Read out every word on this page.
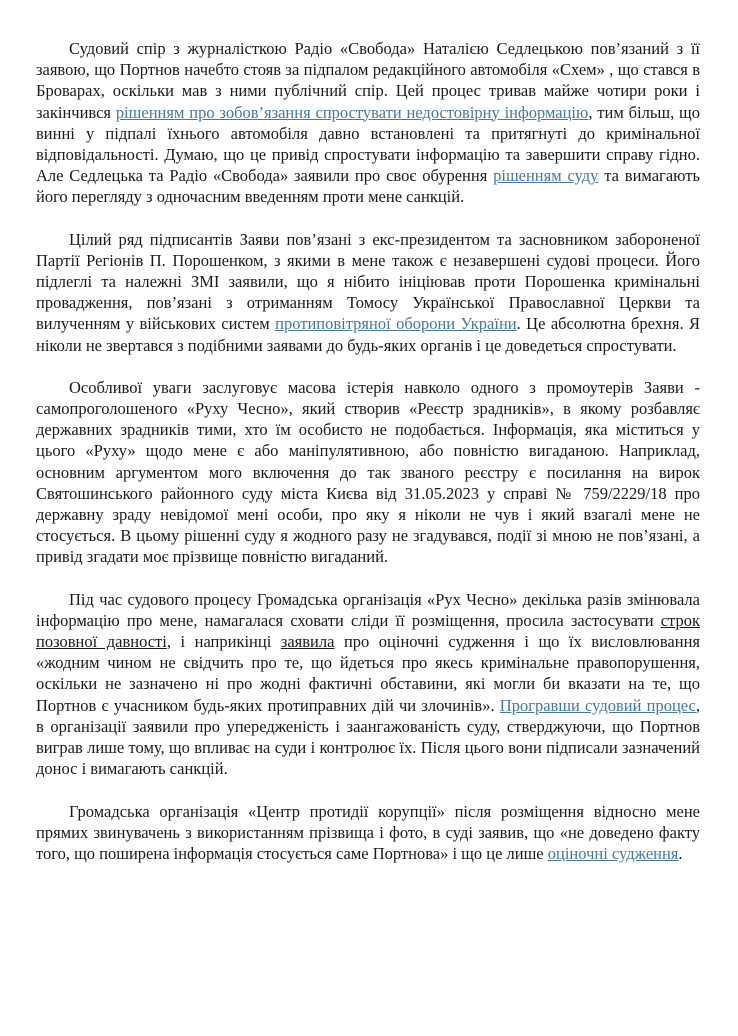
Судовий спір з журналісткою Радіо «Свобода» Наталією Седлецькою пов’язаний з її заявою, що Портнов начебто стояв за підпалом редакційного автомобіля «Схем» , що стався в Броварах, оскільки мав з ними публічний спір. Цей процес тривав майже чотири роки і закінчився рішенням про зобов’язання спростувати недостовірну інформацію, тим більш, що винні у підпалі їхнього автомобіля давно встановлені та притягнуті до кримінальної відповідальності. Думаю, що це привід спростувати інформацію та завершити справу гідно. Але Седлецька та Радіо «Свобода» заявили про своє обурення рішенням суду та вимагають його перегляду з одночасним введенням проти мене санкцій.

Цілий ряд підписантів Заяви пов’язані з екс-президентом та засновником забороненої Партії Регіонів П. Порошенком, з якими в мене також є незавершені судові процеси. Його підлеглі та належні ЗМІ заявили, що я нібито ініціював проти Порошенка кримінальні провадження, пов’язані з отриманням Томосу Української Православної Церкви та вилученням у військових систем протиповітряної оборони України. Це абсолютна брехня. Я ніколи не звертався з подібними заявами до будь-яких органів і це доведеться спростувати.

Особливої уваги заслуговує масова істерія навколо одного з промоутерів Заяви - самопроголошеного «Руху Чесно», який створив «Реєстр зрадників», в якому розбавляє державних зрадників тими, хто їм особисто не подобається. Інформація, яка міститься у цього «Руху» щодо мене є або маніпулятивною, або повністю вигаданою. Наприклад, основним аргументом мого включення до так званого реєстру є посилання на вирок Святошинського районного суду міста Києва від 31.05.2023 у справі № 759/2229/18 про державну зраду невідомої мені особи, про яку я ніколи не чув і який взагалі мене не стосується. В цьому рішенні суду я жодного разу не згадувався, події зі мною не пов’язані, а привід згадати моє прізвище повністю вигаданий.

Під час судового процесу Громадська організація «Рух Чесно» декілька разів змінювала інформацію про мене, намагалася сховати сліди її розміщення, просила застосувати строк позовної давності, і наприкінці заявила про оціночні судження і що їх висловлювання «жодним чином не свідчить про те, що йдеться про якесь кримінальне правопорушення, оскільки не зазначено ні про жодні фактичні обставини, які могли би вказати на те, що Портнов є учасником будь-яких протиправних дій чи злочинів». Програвши судовий процес, в організації заявили про упередженість і заангажованість суду, стверджуючи, що Портнов виграв лише тому, що впливає на суди і контролює їх. Після цього вони підписали зазначений донос і вимагають санкцій.

Громадська організація «Центр протидії корупції» після розміщення відносно мене прямих звинувачень з використанням прізвища і фото, в суді заявив, що «не доведено факту того, що поширена інформація стосується саме Портнова» і що це лише оціночні судження.
